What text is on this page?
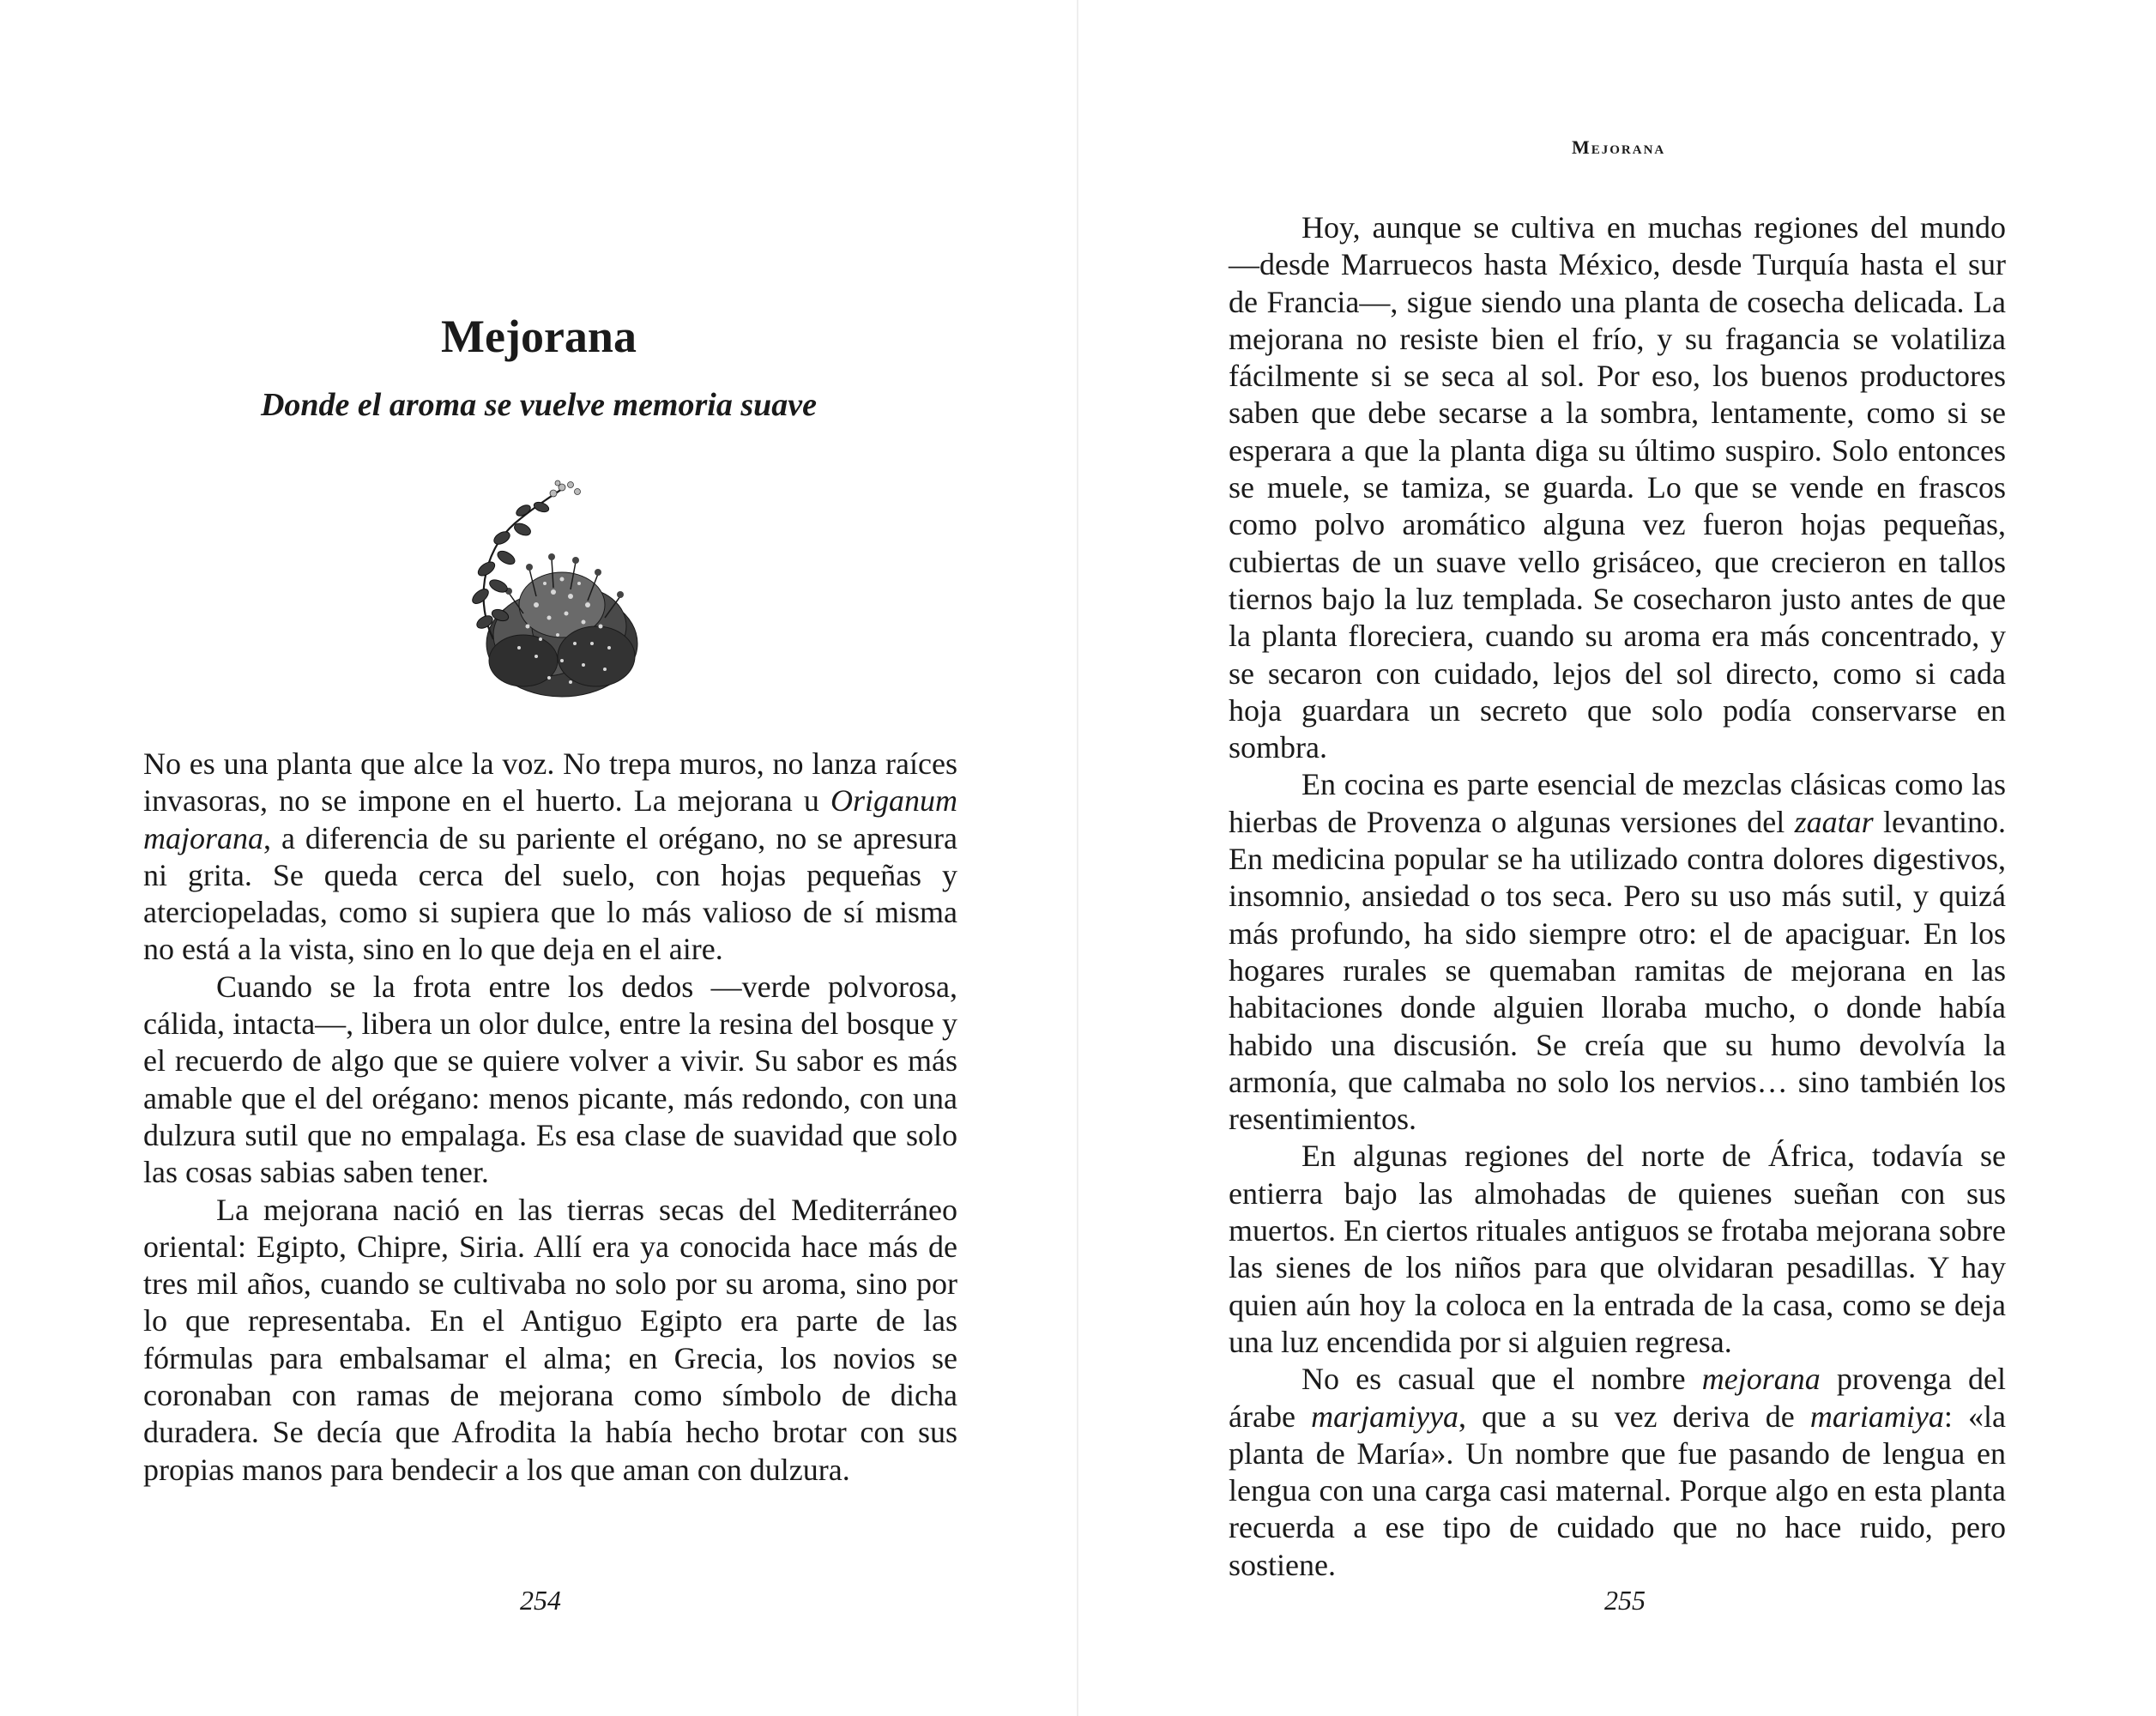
Mejorana
Donde el aroma se vuelve memoria suave

No es una planta que alce la voz. No trepa muros, no lanza raíces invasoras, no se impone en el huerto. La mejorana u Origanum majorana, a diferencia de su pariente el orégano, no se apresura ni grita. Se queda cerca del suelo, con hojas pequeñas y aterciopeladas, como si supiera que lo más valioso de sí misma no está a la vista, sino en lo que deja en el aire.

Cuando se la frota entre los dedos —verde polvorosa, cálida, intacta—, libera un olor dulce, entre la resina del bosque y el recuerdo de algo que se quiere volver a vivir. Su sabor es más amable que el del orégano: menos picante, más redondo, con una dulzura sutil que no empalaga. Es esa clase de suavidad que solo las cosas sabias saben tener.

La mejorana nació en las tierras secas del Mediterráneo oriental: Egipto, Chipre, Siria. Allí era ya conocida hace más de tres mil años, cuando se cultivaba no solo por su aroma, sino por lo que representaba. En el Antiguo Egipto era parte de las fórmulas para embalsamar el alma; en Grecia, los novios se coronaban con ramas de mejorana como símbolo de dicha duradera. Se decía que Afrodita la había hecho brotar con sus propias manos para bendecir a los que aman con dulzura.

254
Mejorana

Hoy, aunque se cultiva en muchas regiones del mundo —desde Marruecos hasta México, desde Turquía hasta el sur de Francia—, sigue siendo una planta de cosecha delicada. La mejorana no resiste bien el frío, y su fragancia se volatiliza fácilmente si se seca al sol. Por eso, los buenos productores saben que debe secarse a la sombra, lentamente, como si se esperara a que la planta diga su último suspiro. Solo entonces se muele, se tamiza, se guarda. Lo que se vende en frascos como polvo aromático alguna vez fueron hojas pequeñas, cubiertas de un suave vello grisáceo, que crecieron en tallos tiernos bajo la luz templada. Se cosecharon justo antes de que la planta floreciera, cuando su aroma era más concentrado, y se secaron con cuidado, lejos del sol directo, como si cada hoja guardara un secreto que solo podía conservarse en sombra.

En cocina es parte esencial de mezclas clásicas como las hierbas de Provenza o algunas versiones del zaatar levantino. En medicina popular se ha utilizado contra dolores digestivos, insomnio, ansiedad o tos seca. Pero su uso más sutil, y quizá más profundo, ha sido siempre otro: el de apaciguar. En los hogares rurales se quemaban ramitas de mejorana en las habitaciones donde alguien lloraba mucho, o donde había habido una discusión. Se creía que su humo devolvía la armonía, que calmaba no solo los nervios… sino también los resentimientos.

En algunas regiones del norte de África, todavía se entierra bajo las almohadas de quienes sueñan con sus muertos. En ciertos rituales antiguos se frotaba mejorana sobre las sienes de los niños para que olvidaran pesadillas. Y hay quien aún hoy la coloca en la entrada de la casa, como se deja una luz encendida por si alguien regresa.

No es casual que el nombre mejorana provenga del árabe marjamiyya, que a su vez deriva de mariamiya: «la planta de María». Un nombre que fue pasando de lengua en lengua con una carga casi maternal. Porque algo en esta planta recuerda a ese tipo de cuidado que no hace ruido, pero sostiene.

255
